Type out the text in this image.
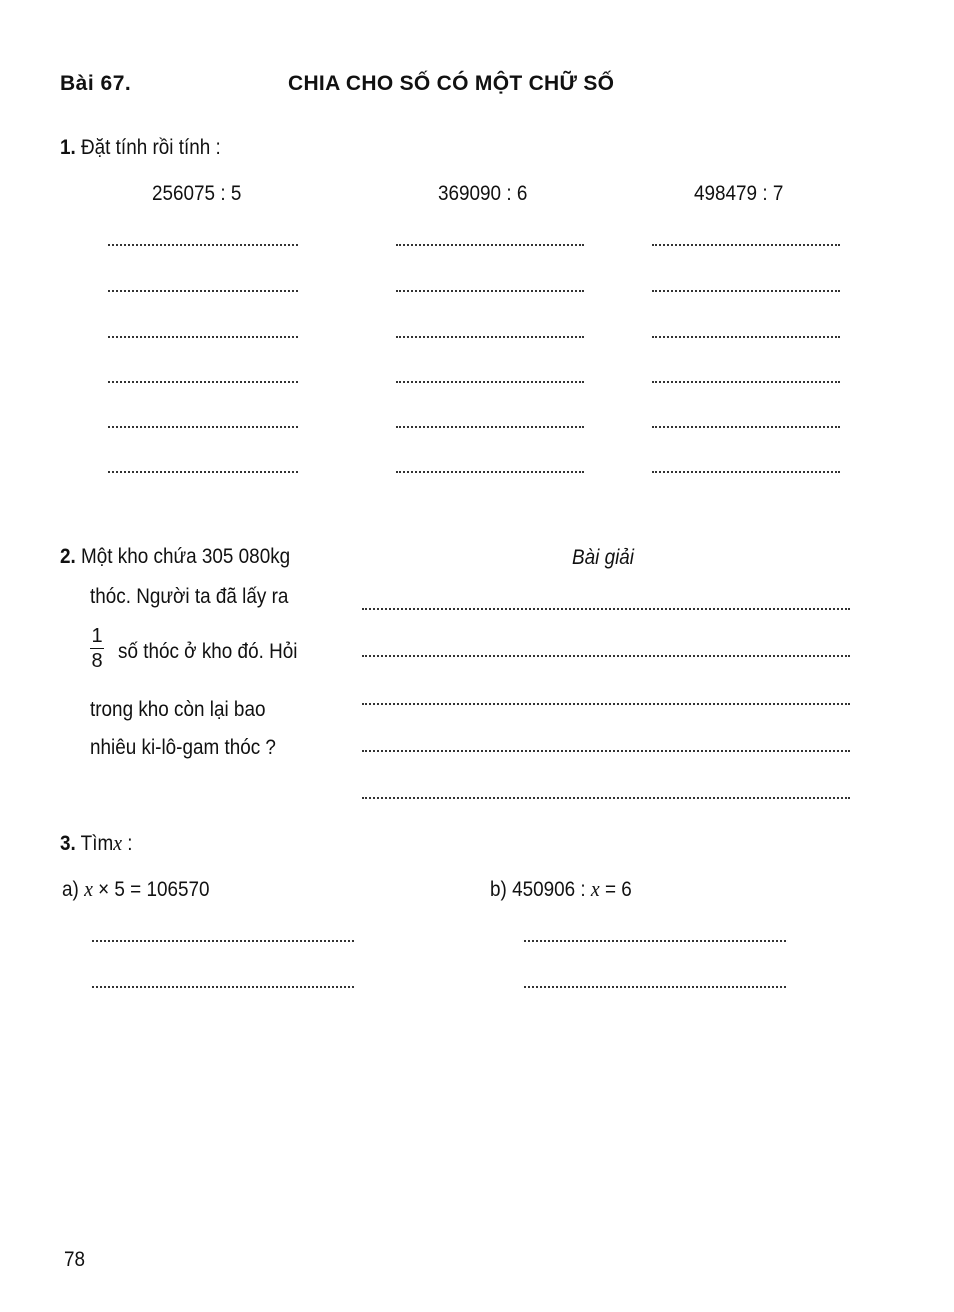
Bài 67.	CHIA CHO SỐ CÓ MỘT CHỮ SỐ
1. Đặt tính rồi tính :
256075 : 5	369090 : 6	498479 : 7
2. Một kho chứa 305 080kg
thóc. Người ta đã lấy ra
$\frac{1}{8}$ số thóc ở kho đó. Hỏi
trong kho còn lại bao
nhiêu ki-lô-gam thóc ?
Bài giải
3. Tìmx :
a) x × 5 = 106570	b) 450906 : x = 6
78
